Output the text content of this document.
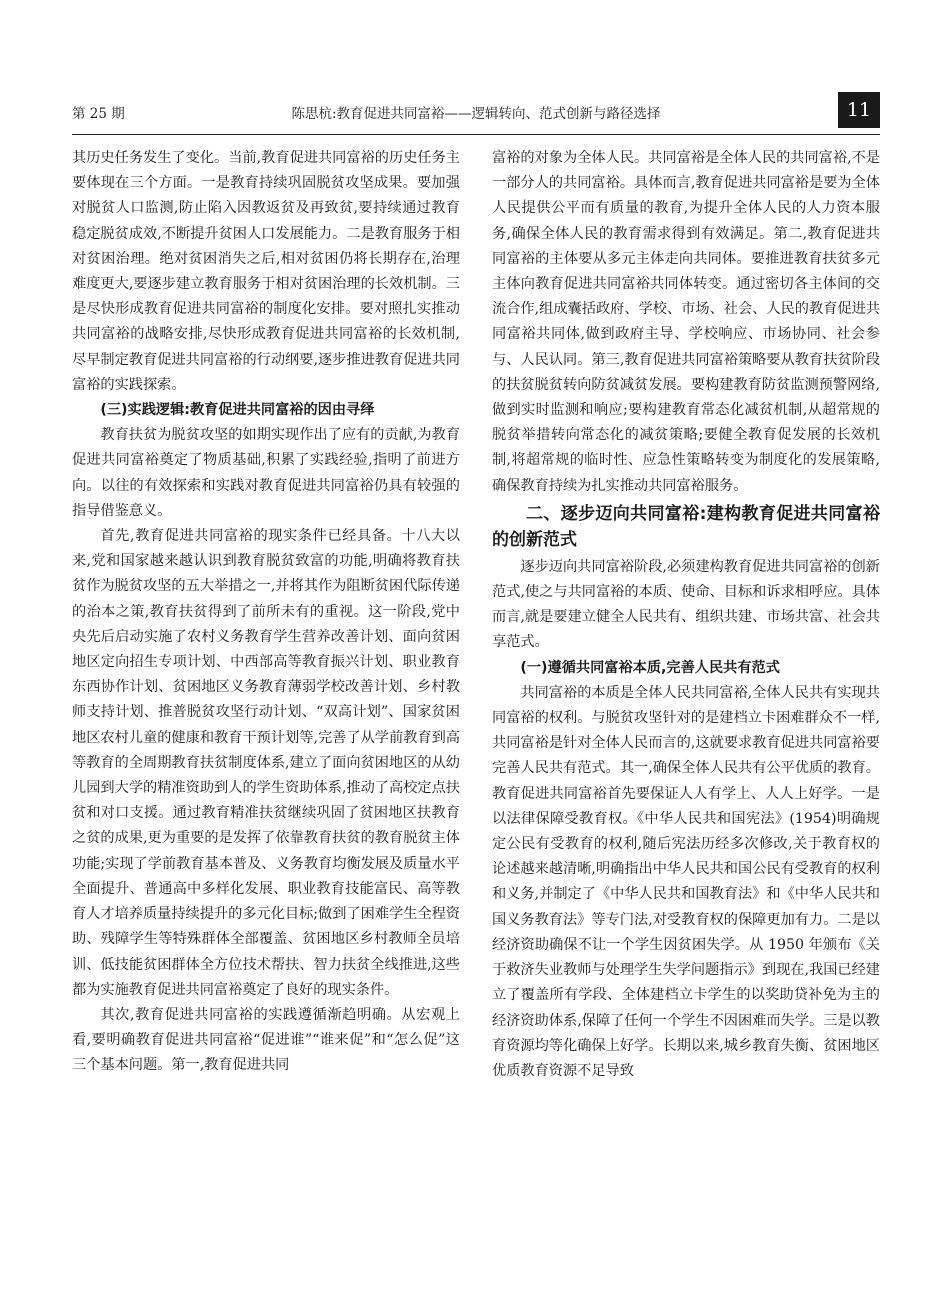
第 25 期	陈思杭:教育促进共同富裕——逻辑转向、范式创新与路径选择	11

其历史任务发生了变化。当前,教育促进共同富裕的历史任务主要体现在三个方面。一是教育持续巩固脱贫攻坚成果。要加强对脱贫人口监测,防止陷入因教返贫及再致贫,要持续通过教育稳定脱贫成效,不断提升贫困人口发展能力。二是教育服务于相对贫困治理。绝对贫困消失之后,相对贫困仍将长期存在,治理难度更大,要逐步建立教育服务于相对贫困治理的长效机制。三是尽快形成教育促进共同富裕的制度化安排。要对照扎实推动共同富裕的战略安排,尽快形成教育促进共同富裕的长效机制,尽早制定教育促进共同富裕的行动纲要,逐步推进教育促进共同富裕的实践探索。

(三)实践逻辑:教育促进共同富裕的因由寻绎

教育扶贫为脱贫攻坚的如期实现作出了应有的贡献,为教育促进共同富裕奠定了物质基础,积累了实践经验,指明了前进方向。以往的有效探索和实践对教育促进共同富裕仍具有较强的指导借鉴意义。

首先,教育促进共同富裕的现实条件已经具备。十八大以来,党和国家越来越认识到教育脱贫致富的功能,明确将教育扶贫作为脱贫攻坚的五大举措之一,并将其作为阻断贫困代际传递的治本之策,教育扶贫得到了前所未有的重视。这一阶段,党中央先后启动实施了农村义务教育学生营养改善计划、面向贫困地区定向招生专项计划、中西部高等教育振兴计划、职业教育东西协作计划、贫困地区义务教育薄弱学校改善计划、乡村教师支持计划、推普脱贫攻坚行动计划、“双高计划”、国家贫困地区农村儿童的健康和教育干预计划等,完善了从学前教育到高等教育的全周期教育扶贫制度体系,建立了面向贫困地区的从幼儿园到大学的精准资助到人的学生资助体系,推动了高校定点扶贫和对口支援。通过教育精准扶贫继续巩固了贫困地区扶教育之贫的成果,更为重要的是发挥了依靠教育扶贫的教育脱贫主体功能;实现了学前教育基本普及、义务教育均衡发展及质量水平全面提升、普通高中多样化发展、职业教育技能富民、高等教育人才培养质量持续提升的多元化目标;做到了困难学生全程资助、残障学生等特殊群体全部覆盖、贫困地区乡村教师全员培训、低技能贫困群体全方位技术帮扶、智力扶贫全线推进,这些都为实施教育促进共同富裕奠定了良好的现实条件。

其次,教育促进共同富裕的实践遵循渐趋明确。从宏观上看,要明确教育促进共同富裕“促进谁”“谁来促”和“怎么促”这三个基本问题。第一,教育促进共同

富裕的对象为全体人民。共同富裕是全体人民的共同富裕,不是一部分人的共同富裕。具体而言,教育促进共同富裕是要为全体人民提供公平而有质量的教育,为提升全体人民的人力资本服务,确保全体人民的教育需求得到有效满足。第二,教育促进共同富裕的主体要从多元主体走向共同体。要推进教育扶贫多元主体向教育促进共同富裕共同体转变。通过密切各主体间的交流合作,组成囊括政府、学校、市场、社会、人民的教育促进共同富裕共同体,做到政府主导、学校响应、市场协同、社会参与、人民认同。第三,教育促进共同富裕策略要从教育扶贫阶段的扶贫脱贫转向防贫减贫发展。要构建教育防贫监测预警网络,做到实时监测和响应;要构建教育常态化减贫机制,从超常规的脱贫举措转向常态化的减贫策略;要健全教育促发展的长效机制,将超常规的临时性、应急性策略转变为制度化的发展策略,确保教育持续为扎实推动共同富裕服务。

二、逐步迈向共同富裕:建构教育促进共同富裕的创新范式

逐步迈向共同富裕阶段,必须建构教育促进共同富裕的创新范式,使之与共同富裕的本质、使命、目标和诉求相呼应。具体而言,就是要建立健全人民共有、组织共建、市场共富、社会共享范式。

(一)遵循共同富裕本质,完善人民共有范式

共同富裕的本质是全体人民共同富裕,全体人民共有实现共同富裕的权利。与脱贫攻坚针对的是建档立卡困难群众不一样,共同富裕是针对全体人民而言的,这就要求教育促进共同富裕要完善人民共有范式。其一,确保全体人民共有公平优质的教育。教育促进共同富裕首先要保证人人有学上、人人上好学。一是以法律保障受教育权。《中华人民共和国宪法》(1954)明确规定公民有受教育的权利,随后宪法历经多次修改,关于教育权的论述越来越清晰,明确指出中华人民共和国公民有受教育的权利和义务,并制定了《中华人民共和国教育法》和《中华人民共和国义务教育法》等专门法,对受教育权的保障更加有力。二是以经济资助确保不让一个学生因贫困失学。从 1950 年颁布《关于救济失业教师与处理学生失学问题指示》到现在,我国已经建立了覆盖所有学段、全体建档立卡学生的以奖助贷补免为主的经济资助体系,保障了任何一个学生不因困难而失学。三是以教育资源均等化确保上好学。长期以来,城乡教育失衡、贫困地区优质教育资源不足导致
